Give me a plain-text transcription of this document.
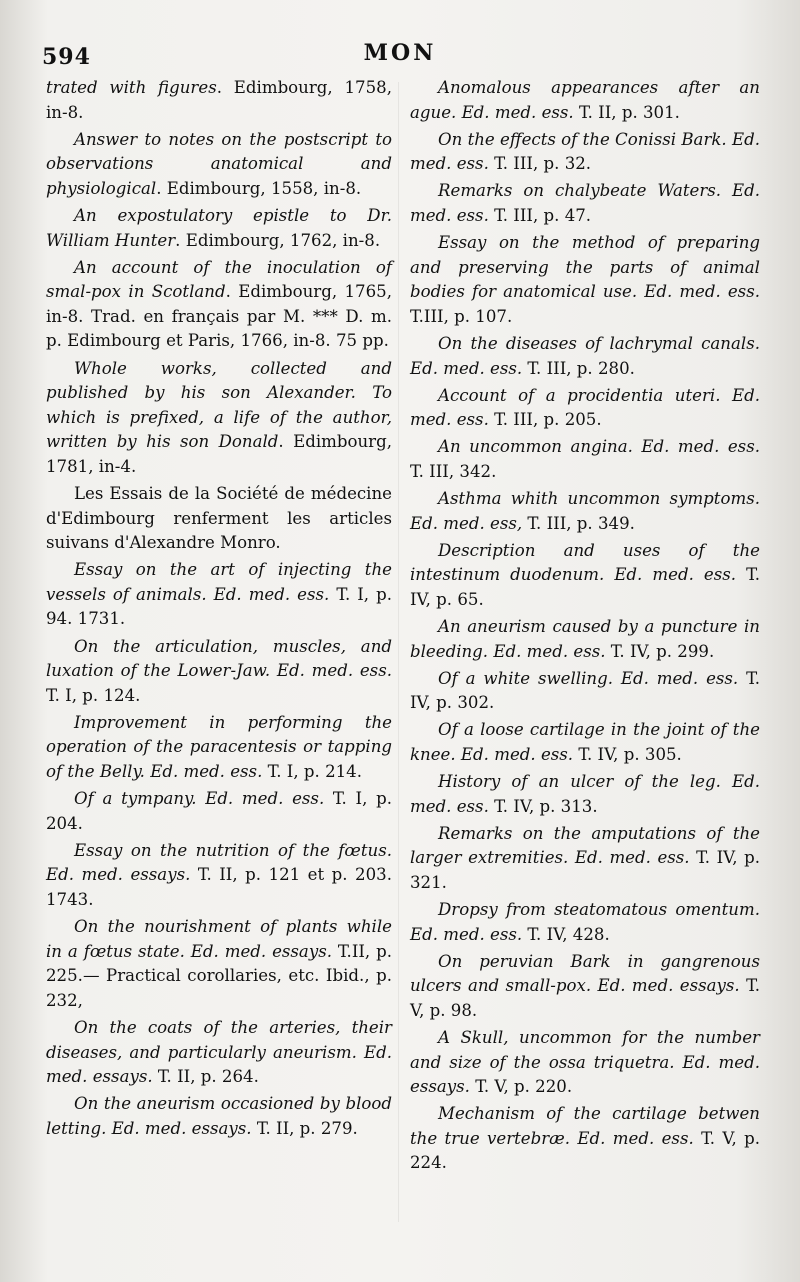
594	MON

trated with figures. Edimbourg, 1758, in-8.

Answer to notes on the postscript to observations anatomical and physiological. Edimbourg, 1558, in-8.

An expostulatory epistle to Dr. William Hunter. Edimbourg, 1762, in-8.

An account of the inoculation of smal-pox in Scotland. Edimbourg, 1765, in-8. Trad. en français par M. *** D. m. p. Edimbourg et Paris, 1766, in-8. 75 pp.

Whole works, collected and published by his son Alexander. To which is prefixed, a life of the author, written by his son Donald. Edimbourg, 1781, in-4.

Les Essais de la Société de médecine d'Edimbourg renferment les articles suivans d'Alexandre Monro.

Essay on the art of injecting the vessels of animals. Ed. med. ess. T. I, p. 94. 1731.

On the articulation, muscles, and luxation of the Lower-Jaw. Ed. med. ess. T. I, p. 124.

Improvement in performing the operation of the paracentesis or tapping of the Belly. Ed. med. ess. T. I, p. 214.

Of a tympany. Ed. med. ess. T. I, p. 204.

Essay on the nutrition of the fœtus. Ed. med. essays. T. II, p. 121 et p. 203. 1743.

On the nourishment of plants while in a fœtus state. Ed. med. essays. T.II, p. 225.— Practical corollaries, etc. Ibid., p. 232,

On the coats of the arteries, their diseases, and particularly aneurism. Ed. med. essays. T. II, p. 264.

On the aneurism occasioned by blood letting. Ed. med. essays. T. II, p. 279.

Anomalous appearances after an ague. Ed. med. ess. T. II, p. 301.

On the effects of the Conissi Bark. Ed. med. ess. T. III, p. 32.

Remarks on chalybeate Waters. Ed. med. ess. T. III, p. 47.

Essay on the method of preparing and preserving the parts of animal bodies for anatomical use. Ed. med. ess. T.III, p. 107.

On the diseases of lachrymal canals. Ed. med. ess. T. III, p. 280.

Account of a procidentia uteri. Ed. med. ess. T. III, p. 205.

An uncommon angina. Ed. med. ess. T. III, 342.

Asthma whith uncommon symptoms. Ed. med. ess, T. III, p. 349.

Description and uses of the intestinum duodenum. Ed. med. ess. T. IV, p. 65.

An aneurism caused by a puncture in bleeding. Ed. med. ess. T. IV, p. 299.

Of a white swelling. Ed. med. ess. T. IV, p. 302.

Of a loose cartilage in the joint of the knee. Ed. med. ess. T. IV, p. 305.

History of an ulcer of the leg. Ed. med. ess. T. IV, p. 313.

Remarks on the amputations of the larger extremities. Ed. med. ess. T. IV, p. 321.

Dropsy from steatomatous omentum. Ed. med. ess. T. IV, 428.

On peruvian Bark in gangrenous ulcers and small-pox. Ed. med. essays. T. V, p. 98.

A Skull, uncommon for the number and size of the ossa triquetra. Ed. med. essays. T. V, p. 220.

Mechanism of the cartilage betwen the true vertebræ. Ed. med. ess. T. V, p. 224.
